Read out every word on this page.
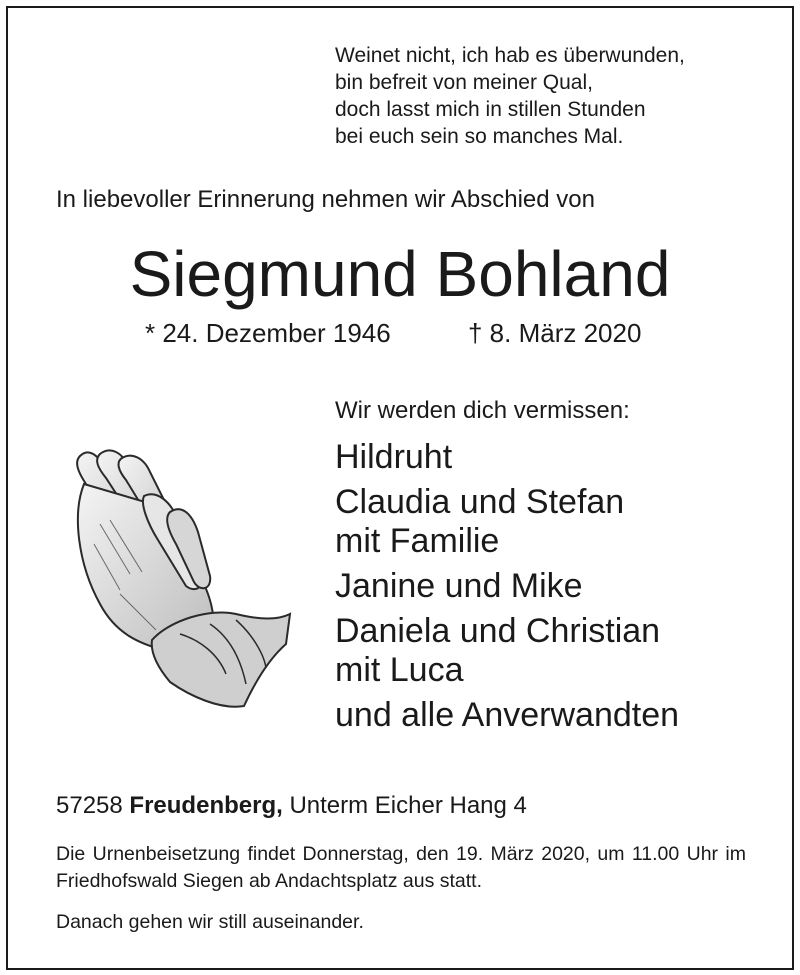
Weinet nicht, ich hab es überwunden,
bin befreit von meiner Qual,
doch lasst mich in stillen Stunden
bei euch sein so manches Mal.
In liebevoller Erinnerung nehmen wir Abschied von
Siegmund Bohland
* 24. Dezember 1946	† 8. März 2020
Wir werden dich vermissen:
Hildruht
Claudia und Stefan
mit Familie
Janine und Mike
Daniela und Christian
mit Luca
und alle Anverwandten
57258 Freudenberg, Unterm Eicher Hang 4
Die Urnenbeisetzung findet Donnerstag, den 19. März 2020, um 11.00 Uhr im Friedhofswald Siegen ab Andachtsplatz aus statt.
Danach gehen wir still auseinander.
